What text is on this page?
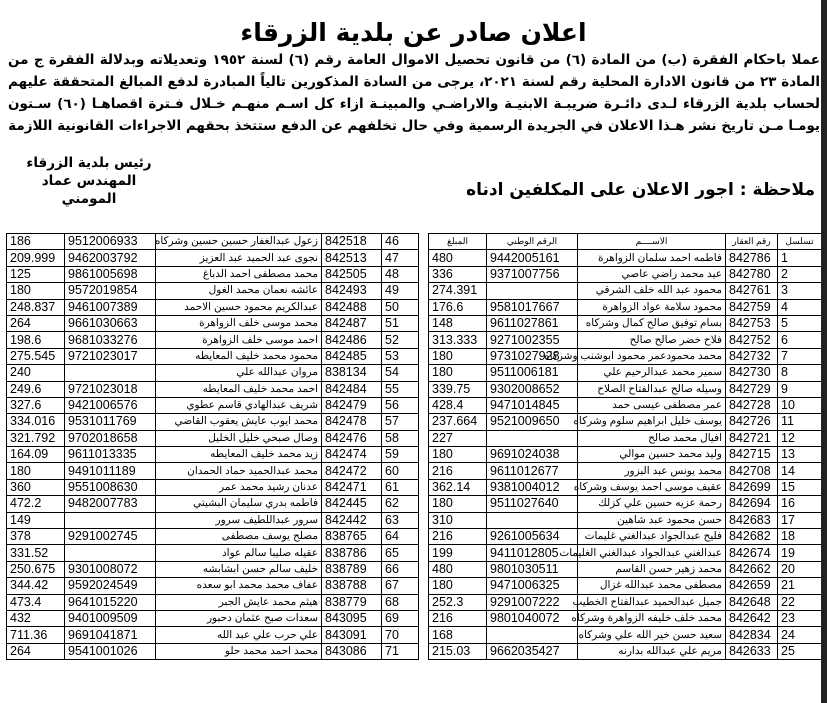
اعلان صادر عن بلدية الزرقاء
عملا باحكام الفقرة (ب) من المادة (٦) من قانون تحصيل الاموال العامة رقم (٦) لسنة ١٩٥٢ وتعديلاته وبدلالة الفقرة ج من المادة ٢٣ من قانون الادارة المحلية رقم لسنة ٢٠٢١، يرجى من السادة المذكورين تالياً المبادرة لدفع المبالغ المتحققة عليهم لحساب بلدية الزرقاء لـدى دائـرة ضريبـة الابنيـة والاراضـي والمبينـة ازاء كل اسـم منهـم خـلال فـترة اقصاهـا (٦٠) سـتون يومـا مـن تاريخ نشر هـذا الاعلان في الجريدة الرسمية وفي حال تخلفهم عن الدفع ستتخذ بحقهم الاجراءات القانونية اللازمة
رئيس بلدية الزرقاء
المهندس عماد المومني	ملاحظة : اجور الاعلان على المكلفين ادناه
المبلغ	الرقم الوطني	الاســــم	رقم العقار	تسلسل
480	9442005161	فاطمه احمد سلمان الزواهرة	842786	1
336	9371007756	عيد محمد راضي عاصي	842780	2
274.391		محمود عبد الله خلف الشرقي	842761	3
176.6	9581017667	محمود سلامة عواد الزواهرة	842759	4
148	9611027861	بسام توفيق صالح كمال وشركاه	842753	5
313.333	9271002355	فلاح خضر صالح صالح	842752	6
180	9731027928	محمد محمودعمر محمود ابوشنب وشركاه	842732	7
180	9511006181	سمير محمد عبدالرحيم علي	842730	8
339.75	9302008652	وسيله صالح عبدالفتاح الصلاح	842729	9
428.4	9471014845	عمر مصطفى عيسى حمد	842728	10
237.664	9521009650	يوسف خليل ابراهيم سلوم وشركاه	842726	11
227		افيال محمد صالح	842721	12
180	9691024038	وليد محمد حسين موالي	842715	13
216	9611012677	محمد يونس عبد البزور	842708	14
362.14	9381004012	عقيف موسى احمد يوسف وشركاه	842699	15
180	9511027640	رحمة عزيه حسين علي كزلك	842694	16
310		حسن محمود عبد شاهين	842683	17
216	9261005634	فليح عبدالجواد عبدالغني غليمات	842682	18
199	9411012805	عبدالغني عبدالجواد عبدالغني الغليمات	842674	19
480	9801030511	محمد زهير حسن القاسم	842662	20
180	9471006325	مصطفى محمد عبدالله غزال	842659	21
252.3	9291007222	جميل عبدالحميد عبدالفتاح الخطيب	842648	22
216	9801040072	محمد خلف خليفه الزواهرة وشركاه	842642	23
168		سعيد حسن خير الله علي وشركاه	842834	24
215.03	9662035427	مريم علي عبدالله بدارنه	842633	25
186	9512006933	زعول عبدالغفار حسين حسين وشركاه	842518	46
209.999	9462003792	نجوى عبد الحميد عبد العزيز	842513	47
125	9861005698	محمد مصطفى احمد الدباغ	842505	48
180	9572019854	عائشه نعمان محمد الغول	842493	49
248.837	9461007389	عبدالكريم محمود حسين الاحمد	842488	50
264	9661030663	محمد موسى خلف الزواهرة	842487	51
198.6	9681033276	احمد موسى خلف الزواهرة	842486	52
275.545	9721023017	محمود محمد خليف المعايطه	842485	53
240		مروان عبدالله علي	838134	54
249.6	9721023018	احمد محمد خليف المعايطه	842484	55
327.6	9421006576	شريف عبدالهادي قاسم عطوي	842479	56
334.016	9531011769	محمد ايوب عايش يعقوب القاضي	842478	57
321.792	9702018658	وصال صبحي خليل الخليل	842476	58
164.09	9611013335	زيد محمد خليف المعايطه	842474	59
180	9491011189	محمد عبدالحميد حماد الحمدان	842472	60
360	9551008630	عدنان رشيد محمد عمر	842471	61
472.2	9482007783	فاطمه بدري سليمان البشيتي	842445	62
149		سرور عبداللطيف سرور	842442	63
378	9291002745	مصلح يوسف مصطفى	838765	64
331.52		عقيله صليبا سالم عواد	838786	65
250.675	9301008072	خليف سالم حسن ابشابشه	838789	66
344.42	9592024549	عفاف محمد محمد ابو سعده	838788	67
473.4	9641015220	هيثم محمد عايش الجبر	838779	68
432	9401009509	سعدات صبح عثمان دحبور	843095	69
711.36	9691041871	علي حرب علي عبد الله	843091	70
264	9541001026	محمد احمد محمد حلو	843086	71
